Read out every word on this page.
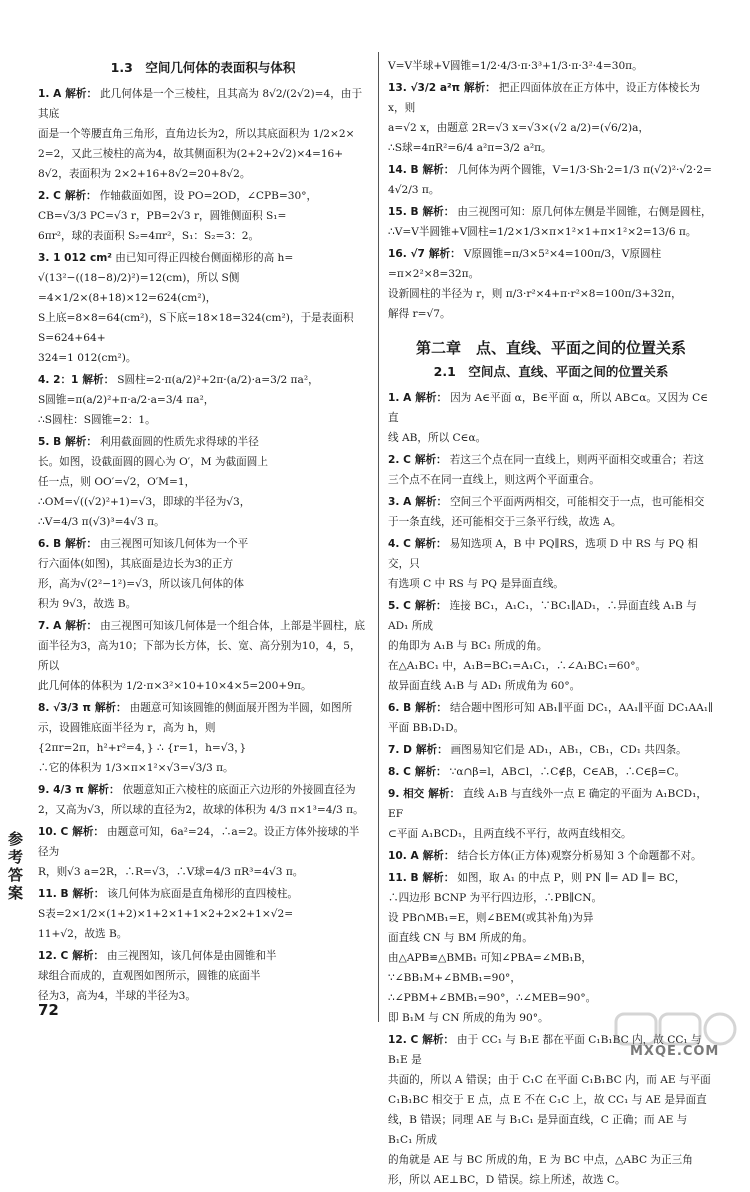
1.3　空间几何体的表面积与体积
1. A 解析： 此几何体是一个三棱柱，且其高为 8√2/(2√2)=4，由于其底
面是一个等腰直角三角形，直角边长为2，所以其底面积为 1/2×2×
2=2，又此三棱柱的高为4，故其侧面积为(2+2+2√2)×4=16+
8√2，表面积为 2×2+16+8√2=20+8√2。
2. C 解析： 作轴截面如图，设 PO=2OD，∠CPB=30°，
CB=√3/3 PC=√3 r，PB=2√3 r，圆锥侧面积 S₁=
6πr²，球的表面积 S₂=4πr²，S₁：S₂=3：2。
3. 1 012 cm² 由已知可得正四棱台侧面梯形的高 h=
√(13²−((18−8)/2)²)=12(cm)，所以 S侧=4×1/2×(8+18)×12=624(cm²)，
S上底=8×8=64(cm²)，S下底=18×18=324(cm²)，于是表面积 S=624+64+
324=1 012(cm²)。
4. 2：1 解析： S圆柱=2·π(a/2)²+2π·(a/2)·a=3/2 πa²，
S圆锥=π(a/2)²+π·a/2·a=3/4 πa²，
∴S圆柱：S圆锥=2：1。
5. B 解析： 利用截面圆的性质先求得球的半径
长。如图，设截面圆的圆心为 O′，M 为截面圆上
任一点，则 OO′=√2，O′M=1，
∴OM=√((√2)²+1)=√3，即球的半径为√3，
∴V=4/3 π(√3)³=4√3 π。
6. B 解析： 由三视图可知该几何体为一个平
行六面体(如图)，其底面是边长为3的正方
形，高为√(2²−1²)=√3，所以该几何体的体
积为 9√3，故选 B。
7. A 解析： 由三视图可知该几何体是一个组合体，上部是半圆柱，底
面半径为3，高为10；下部为长方体，长、宽、高分别为10，4，5，所以
此几何体的体积为 1/2·π×3²×10+10×4×5=200+9π。
8. √3/3 π 解析： 由题意可知该圆锥的侧面展开图为半圆，如图所
示，设圆锥底面半径为 r，高为 h，则
{2πr=2π，h²+r²=4，} ∴ {r=1，h=√3，}
∴它的体积为 1/3×π×1²×√3=√3/3 π。
9. 4/3 π 解析： 依题意知正六棱柱的底面正六边形的外接圆直径为
2，又高为√3，所以球的直径为2，故球的体积为 4/3 π×1³=4/3 π。
10. C 解析： 由题意可知，6a²=24，∴a=2。设正方体外接球的半径为
R，则√3 a=2R，∴R=√3，∴V球=4/3 πR³=4√3 π。
11. B 解析： 该几何体为底面是直角梯形的直四棱柱。
S表=2×1/2×(1+2)×1+2×1+1×2+2×2+1×√2=
11+√2，故选 B。
12. C 解析： 由三视图知，该几何体是由圆锥和半
球组合而成的，直观图如图所示，圆锥的底面半
径为3，高为4，半球的半径为3。
V=V半球+V圆锥=1/2·4/3·π·3³+1/3·π·3²·4=30π。
13. √3/2 a²π 解析： 把正四面体放在正方体中，设正方体棱长为 x，则
a=√2 x，由题意 2R=√3 x=√3×(√2 a/2)=(√6/2)a，
∴S球=4πR²=6/4 a²π=3/2 a²π。
14. B 解析： 几何体为两个圆锥，V=1/3·Sh·2=1/3 π(√2)²·√2·2=
4√2/3 π。
15. B 解析： 由三视图可知：原几何体左侧是半圆锥，右侧是圆柱，
∴V=V半圆锥+V圆柱=1/2×1/3×π×1²×1+π×1²×2=13/6 π。
16. √7 解析： V原圆锥=π/3×5²×4=100π/3，V原圆柱=π×2²×8=32π。
设新圆柱的半径为 r，则 π/3·r²×4+π·r²×8=100π/3+32π，
解得 r=√7。
第二章　点、直线、平面之间的位置关系
2.1　空间点、直线、平面之间的位置关系
1. A 解析： 因为 A∈平面 α，B∈平面 α，所以 AB⊂α。又因为 C∈直
线 AB，所以 C∈α。
2. C 解析： 若这三个点在同一直线上，则两平面相交或重合；若这
三个点不在同一直线上，则这两个平面重合。
3. A 解析： 空间三个平面两两相交，可能相交于一点，也可能相交
于一条直线，还可能相交于三条平行线，故选 A。
4. C 解析： 易知选项 A，B 中 PQ∥RS，选项 D 中 RS 与 PQ 相交，只
有选项 C 中 RS 与 PQ 是异面直线。
5. C 解析： 连接 BC₁，A₁C₁，∵BC₁∥AD₁，∴异面直线 A₁B 与 AD₁ 所成
的角即为 A₁B 与 BC₁ 所成的角。
在△A₁BC₁ 中，A₁B=BC₁=A₁C₁，∴∠A₁BC₁=60°。
故异面直线 A₁B 与 AD₁ 所成角为 60°。
6. B 解析： 结合题中图形可知 AB₁∥平面 DC₁，AA₁∥平面 DC₁AA₁∥
平面 BB₁D₁D。
7. D 解析： 画图易知它们是 AD₁，AB₁，CB₁，CD₁ 共四条。
8. C 解析： ∵α∩β=l，AB⊂l，∴C∉β，C∈AB，∴C∈β=C。
9. 相交 解析： 直线 A₁B 与直线外一点 E 确定的平面为 A₁BCD₁，EF
⊂平面 A₁BCD₁，且两直线不平行，故两直线相交。
10. A 解析： 结合长方体(正方体)观察分析易知 3 个命题都不对。
11. B 解析： 如图，取 A₁ 的中点 P，则 PN ∥= AD ∥= BC，
∴四边形 BCNP 为平行四边形，∴PB∥CN。
设 PB∩MB₁=E，则∠BEM(或其补角)为异
面直线 CN 与 BM 所成的角。
由△APB≌△BMB₁ 可知∠PBA=∠MB₁B，
∵∠BB₁M+∠BMB₁=90°，
∴∠PBM+∠BMB₁=90°，∴∠MEB=90°。
即 B₁M 与 CN 所成的角为 90°。
12. C 解析： 由于 CC₁ 与 B₁E 都在平面 C₁B₁BC 内，故 CC₁ 与 B₁E 是
共面的，所以 A 错误；由于 C₁C 在平面 C₁B₁BC 内，而 AE 与平面
C₁B₁BC 相交于 E 点，点 E 不在 C₁C 上，故 CC₁ 与 AE 是异面直
线，B 错误；同理 AE 与 B₁C₁ 是异面直线，C 正确；而 AE 与 B₁C₁ 所成
的角就是 AE 与 BC 所成的角，E 为 BC 中点，△ABC 为正三角
形，所以 AE⊥BC，D 错误。综上所述，故选 C。
参考答案
72
MXQE.COM
